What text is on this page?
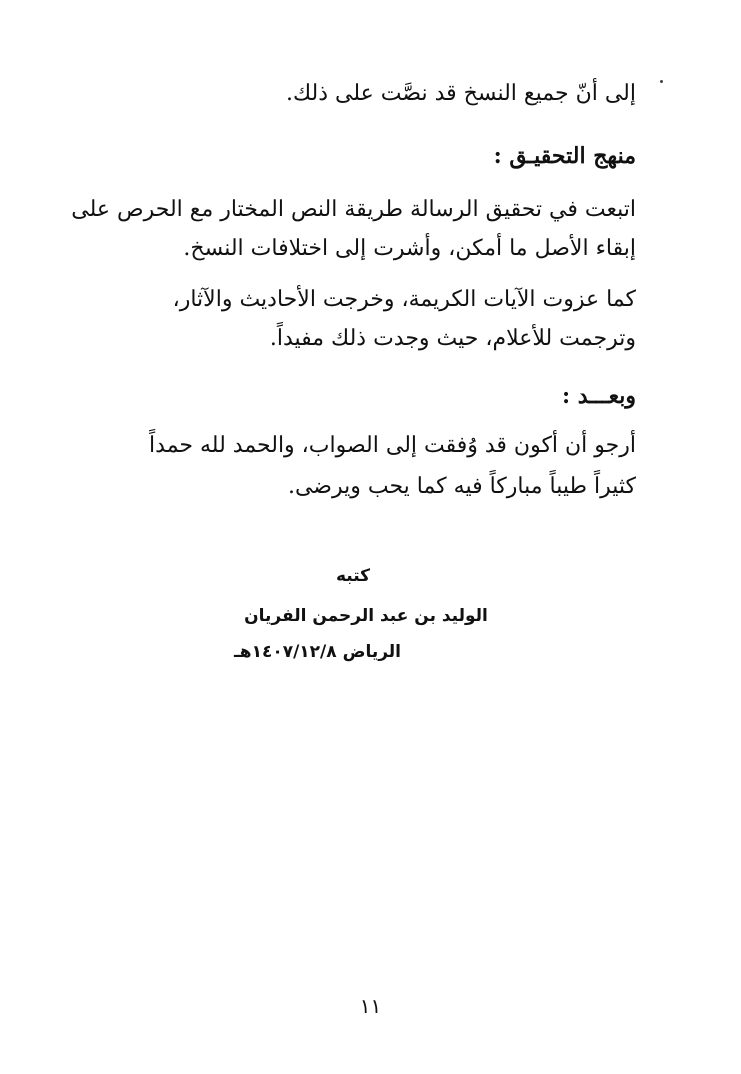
إلى أنّ جميع النسخ قد نصَّت على ذلك.
منهج التحقيـق :
اتبعت في تحقيق الرسالة طريقة النص المختار مع الحرص على
إبقاء الأصل ما أمكن، وأشرت إلى اختلافات النسخ.
كما عزوت الآيات الكريمة، وخرجت الأحاديث والآثار،
وترجمت للأعلام، حيث وجدت ذلك مفيداً.
وبعـــد :
أرجو أن أكون قد وُفقت إلى الصواب، والحمد لله حمداً
كثيراً طيباً مباركاً فيه كما يحب ويرضى.
كتبه
الوليد بن عبد الرحمن الفريان
الرياض ١٤٠٧/١٢/٨هـ
١١
